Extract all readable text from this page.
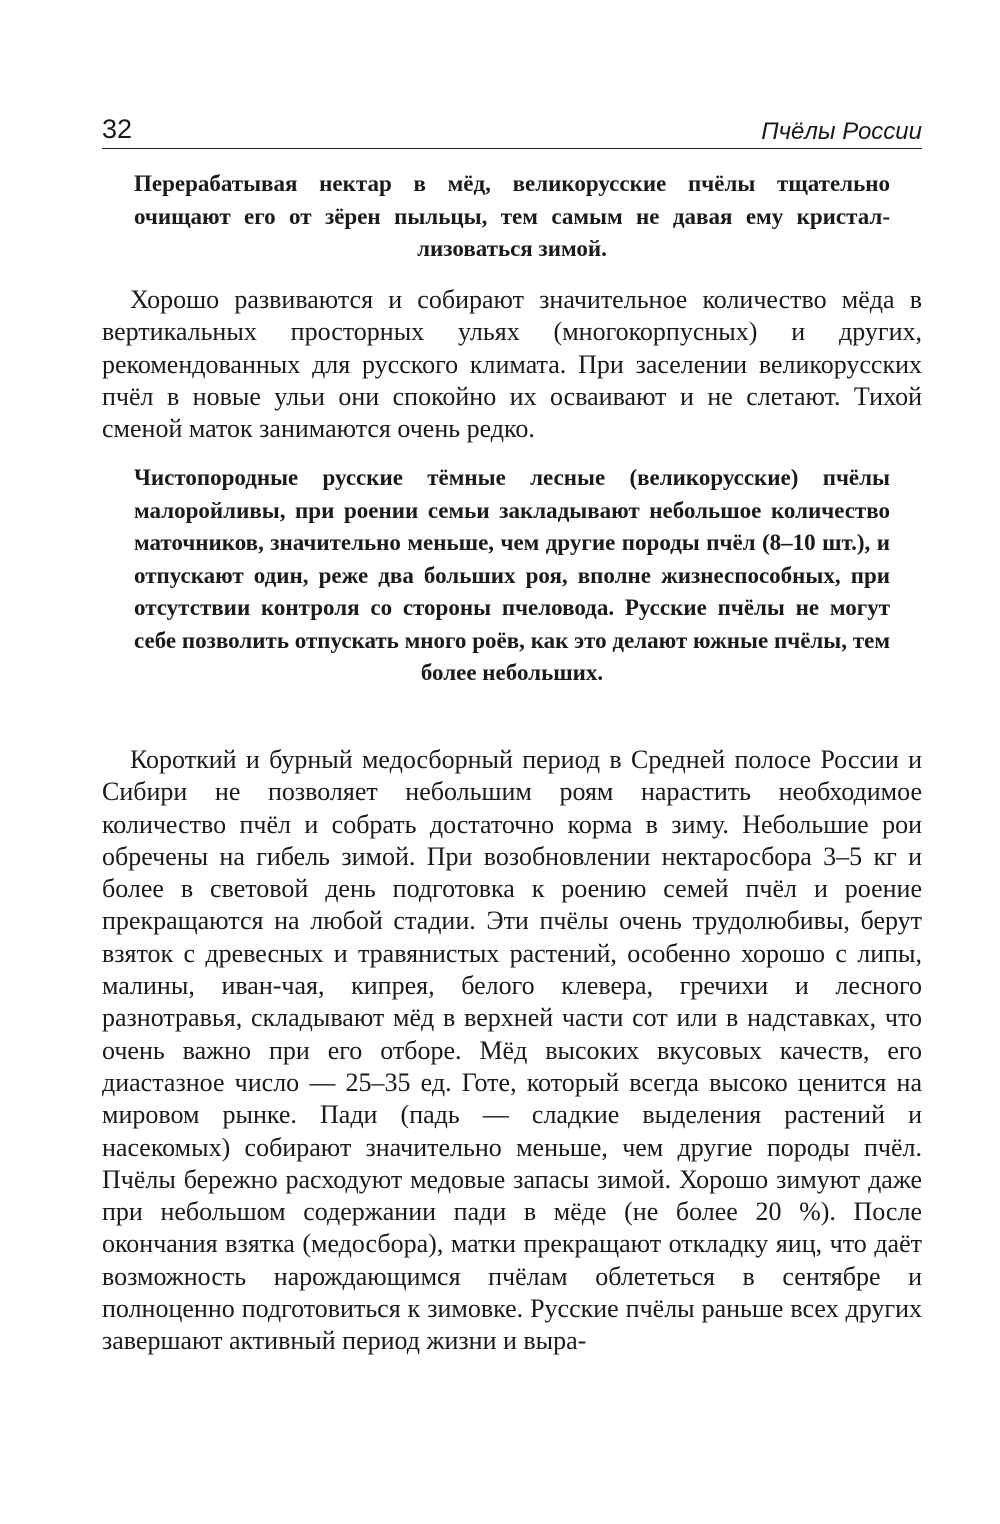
32	Пчёлы России

Перерабатывая нектар в мёд, великорусские пчёлы тщательно очищают его от зёрен пыльцы, тем самым не давая ему кристаллизоваться зимой.

Хорошо развиваются и собирают значительное количество мёда в вертикальных просторных ульях (многокорпусных) и других, рекомендованных для русского климата. При заселении великорусских пчёл в новые ульи они спокойно их осваивают и не слетают. Тихой сменой маток занимаются очень редко.

Чистопородные русские тёмные лесные (великорусские) пчёлы малоройливы, при роении семьи закладывают небольшое количество маточников, значительно меньше, чем другие породы пчёл (8–10 шт.), и отпускают один, реже два больших роя, вполне жизнеспособных, при отсутствии контроля со стороны пчеловода. Русские пчёлы не могут себе позволить отпускать много роёв, как это делают южные пчёлы, тем более небольших.

Короткий и бурный медосборный период в Средней полосе России и Сибири не позволяет небольшим роям нарастить необходимое количество пчёл и собрать достаточно корма в зиму. Небольшие рои обречены на гибель зимой. При возобновлении нектаросбора 3–5 кг и более в световой день подготовка к роению семей пчёл и роение прекращаются на любой стадии. Эти пчёлы очень трудолюбивы, берут взяток с древесных и травянистых растений, особенно хорошо с липы, малины, иван-чая, кипрея, белого клевера, гречихи и лесного разнотравья, складывают мёд в верхней части сот или в надставках, что очень важно при его отборе. Мёд высоких вкусовых качеств, его диастазное число — 25–35 ед. Готе, который всегда высоко ценится на мировом рынке. Пади (падь — сладкие выделения растений и насекомых) собирают значительно меньше, чем другие породы пчёл. Пчёлы бережно расходуют медовые запасы зимой. Хорошо зимуют даже при небольшом содержании пади в мёде (не более 20 %). После окончания взятка (медосбора), матки прекращают откладку яиц, что даёт возможность нарождающимся пчёлам облететься в сентябре и полноценно подготовиться к зимовке. Русские пчёлы раньше всех других завершают активный период жизни и выра-
